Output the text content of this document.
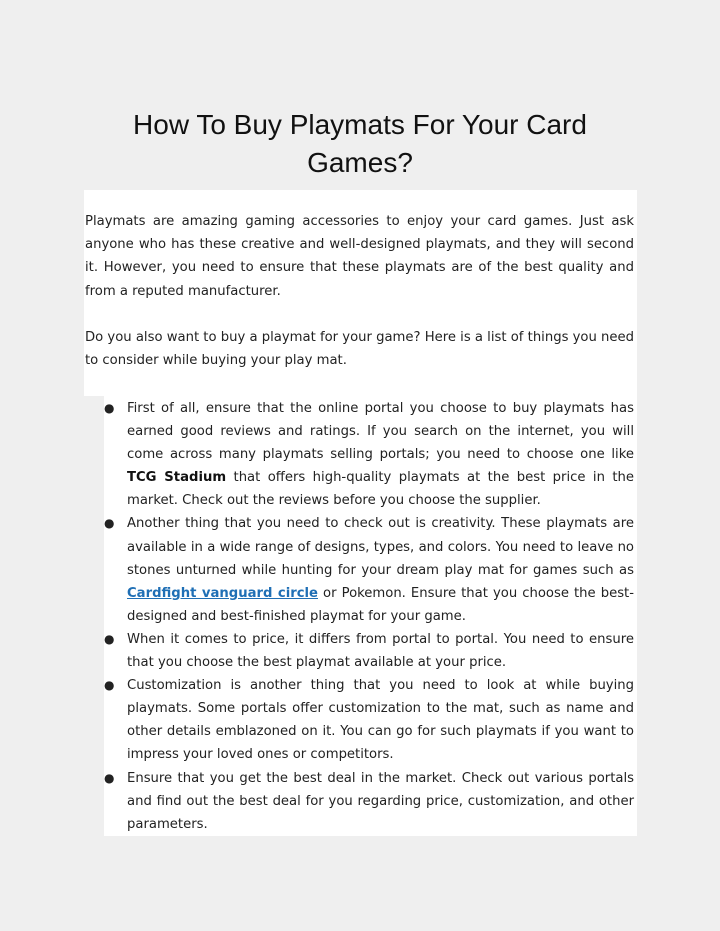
How To Buy Playmats For Your Card Games?

Playmats are amazing gaming accessories to enjoy your card games. Just ask anyone who has these creative and well-designed playmats, and they will second it. However, you need to ensure that these playmats are of the best quality and from a reputed manufacturer.

Do you also want to buy a playmat for your game? Here is a list of things you need to consider while buying your play mat.

● First of all, ensure that the online portal you choose to buy playmats has earned good reviews and ratings. If you search on the internet, you will come across many playmats selling portals; you need to choose one like TCG Stadium that offers high-quality playmats at the best price in the market. Check out the reviews before you choose the supplier.
● Another thing that you need to check out is creativity. These playmats are available in a wide range of designs, types, and colors. You need to leave no stones unturned while hunting for your dream play mat for games such as Cardfight vanguard circle or Pokemon. Ensure that you choose the best-designed and best-finished playmat for your game.
● When it comes to price, it differs from portal to portal. You need to ensure that you choose the best playmat available at your price.
● Customization is another thing that you need to look at while buying playmats. Some portals offer customization to the mat, such as name and other details emblazoned on it. You can go for such playmats if you want to impress your loved ones or competitors.
● Ensure that you get the best deal in the market. Check out various portals and find out the best deal for you regarding price, customization, and other parameters.
